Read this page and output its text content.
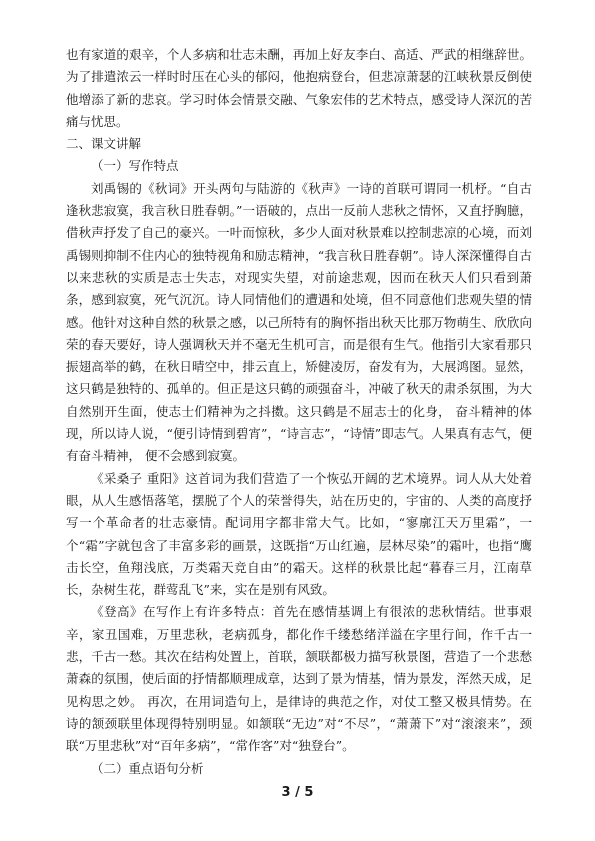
也有家道的艰辛，个人多病和壮志未酬，再加上好友李白、高适、严武的相继辞世。为了排遣浓云一样时时压在心头的郁闷，他抱病登台，但悲凉萧瑟的江峡秋景反倒使他增添了新的悲哀。学习时体会情景交融、气象宏伟的艺术特点，感受诗人深沉的苦痛与忧思。

二、课文讲解

（一）写作特点

刘禹锡的《秋词》开头两句与陆游的《秋声》一诗的首联可谓同一机杼。“自古逢秋悲寂寞，我言秋日胜春朝。”一语破的，点出一反前人悲秋之情怀，又直抒胸臆，借秋声抒发了自己的豪兴。一叶而惊秋，多少人面对秋景难以控制悲凉的心境，而刘禹锡则抑制不住内心的独特视角和励志精神，“我言秋日胜春朝”。诗人深深懂得自古以来悲秋的实质是志士失志，对现实失望，对前途悲观，因而在秋天人们只看到萧条，感到寂寞，死气沉沉。诗人同情他们的遭遇和处境，但不同意他们悲观失望的情感。他针对这种自然的秋景之感，以己所特有的胸怀指出秋天比那万物萌生、欣欣向荣的春天要好，诗人强调秋天并不毫无生机可言，而是很有生气。他指引大家看那只振翅高举的鹤，在秋日晴空中，排云直上，矫健凌厉，奋发有为，大展鸿图。显然，这只鹤是独特的、孤单的。但正是这只鹤的顽强奋斗，冲破了秋天的肃杀氛围，为大自然别开生面，使志士们精神为之抖擞。这只鹤是不屈志士的化身， 奋斗精神的体现，所以诗人说，“便引诗情到碧宵”，“诗言志”，“诗情”即志气。人果真有志气，便有奋斗精神， 便不会感到寂寞。

《采桑子 重阳》这首词为我们营造了一个恢弘开阔的艺术境界。词人从大处着眼，从人生感悟落笔，摆脱了个人的荣誉得失，站在历史的，宇宙的、人类的高度抒写一个革命者的壮志豪情。配词用字都非常大气。比如，“寥廓江天万里霜”，一个“霜”字就包含了丰富多彩的画景，这既指“万山红遍，层林尽染”的霜叶，也指“鹰击长空，鱼翔浅底，万类霜天竞自由”的霜天。这样的秋景比起“暮春三月，江南草长，杂树生花，群莺乱飞”来，实在是别有风致。

《登高》在写作上有许多特点：首先在感情基调上有很浓的悲秋情结。世事艰辛，家丑国难，万里悲秋，老病孤身，都化作千缕愁绪洋溢在字里行间，作千古一悲，千古一愁。其次在结构处置上，首联，颔联都极力描写秋景图，营造了一个悲愁萧森的氛围，使后面的抒情都顺理成章，达到了景为情基，情为景发，浑然天成，足见构思之妙。 再次，在用词造句上，是律诗的典范之作，对仗工整又极具情势。在诗的颔颈联里体现得特别明显。如颔联“无边”对“不尽”，“萧萧下”对“滚滚来”，颈联“万里悲秋”对“百年多病”，“常作客”对“独登台”。

（二）重点语句分析

3 / 5
